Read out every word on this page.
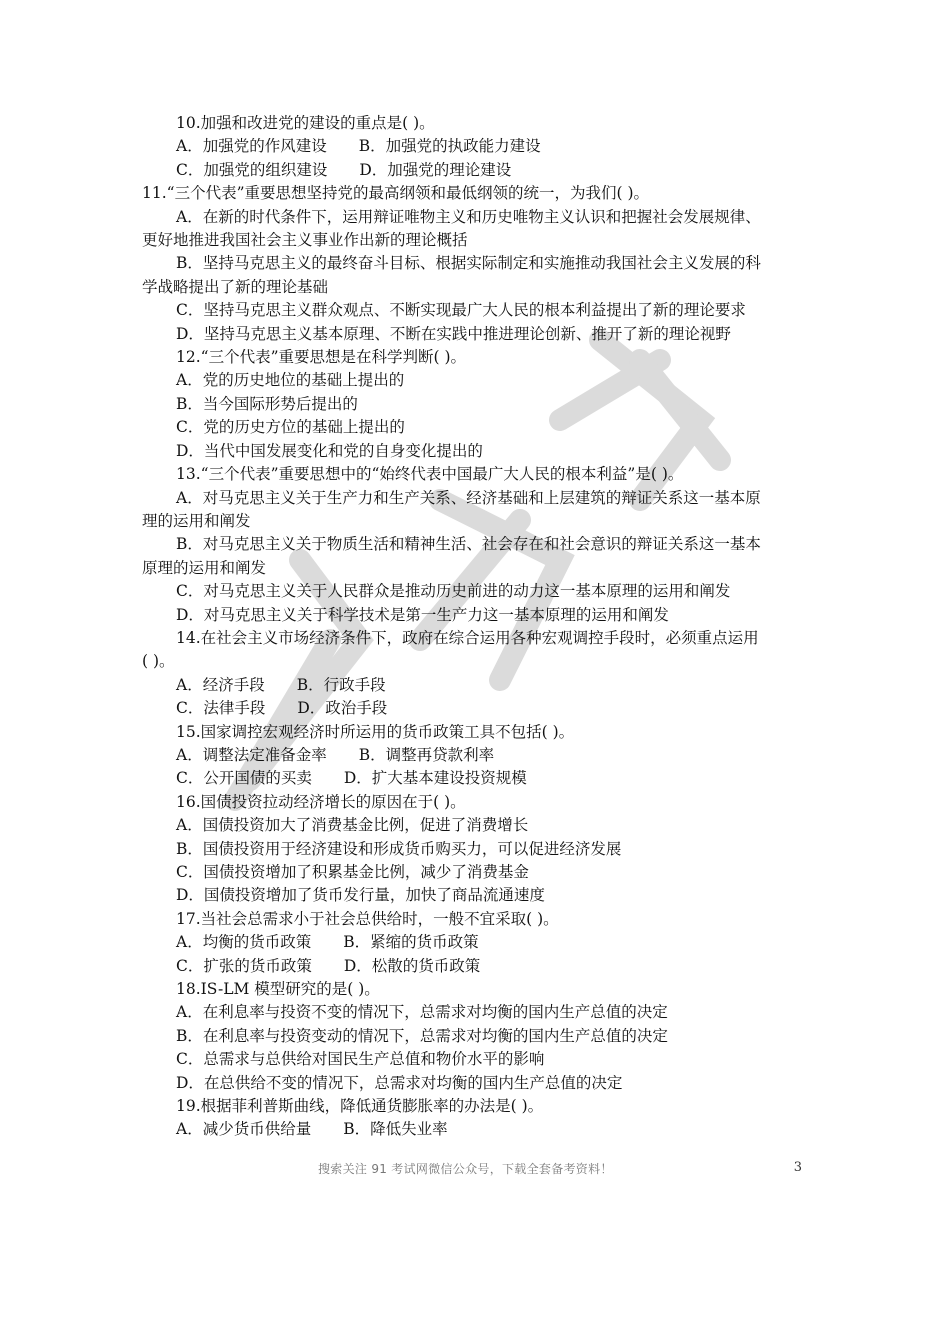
10.加强和改进党的建设的重点是( )。
A．加强党的作风建设 B．加强党的执政能力建设
C．加强党的组织建设 D．加强党的理论建设
11.“三个代表”重要思想坚持党的最高纲领和最低纲领的统一，为我们( )。
A．在新的时代条件下，运用辩证唯物主义和历史唯物主义认识和把握社会发展规律、
更好地推进我国社会主义事业作出新的理论概括
B．坚持马克思主义的最终奋斗目标、根据实际制定和实施推动我国社会主义发展的科
学战略提出了新的理论基础
C．坚持马克思主义群众观点、不断实现最广大人民的根本利益提出了新的理论要求
D．坚持马克思主义基本原理、不断在实践中推进理论创新、推开了新的理论视野
12.“三个代表”重要思想是在科学判断( )。
A．党的历史地位的基础上提出的
B．当今国际形势后提出的
C．党的历史方位的基础上提出的
D．当代中国发展变化和党的自身变化提出的
13.“三个代表”重要思想中的“始终代表中国最广大人民的根本利益”是( )。
A．对马克思主义关于生产力和生产关系、经济基础和上层建筑的辩证关系这一基本原
理的运用和阐发
B．对马克思主义关于物质生活和精神生活、社会存在和社会意识的辩证关系这一基本
原理的运用和阐发
C．对马克思主义关于人民群众是推动历史前进的动力这一基本原理的运用和阐发
D．对马克思主义关于科学技术是第一生产力这一基本原理的运用和阐发
14.在社会主义市场经济条件下，政府在综合运用各种宏观调控手段时，必须重点运用
( )。
A．经济手段 B．行政手段
C．法律手段 D．政治手段
15.国家调控宏观经济时所运用的货币政策工具不包括( )。
A．调整法定准备金率 B．调整再贷款利率
C．公开国债的买卖 D．扩大基本建设投资规模
16.国债投资拉动经济增长的原因在于( )。
A．国债投资加大了消费基金比例，促进了消费增长
B．国债投资用于经济建设和形成货币购买力，可以促进经济发展
C．国债投资增加了积累基金比例，减少了消费基金
D．国债投资增加了货币发行量，加快了商品流通速度
17.当社会总需求小于社会总供给时，一般不宜采取( )。
A．均衡的货币政策 B．紧缩的货币政策
C．扩张的货币政策 D．松散的货币政策
18.IS-LM 模型研究的是( )。
A．在利息率与投资不变的情况下，总需求对均衡的国内生产总值的决定
B．在利息率与投资变动的情况下，总需求对均衡的国内生产总值的决定
C．总需求与总供给对国民生产总值和物价水平的影响
D．在总供给不变的情况下，总需求对均衡的国内生产总值的决定
19.根据菲利普斯曲线，降低通货膨胀率的办法是( )。
A．减少货币供给量 B．降低失业率
搜索关注 91 考试网微信公众号，下载全套备考资料！	3
